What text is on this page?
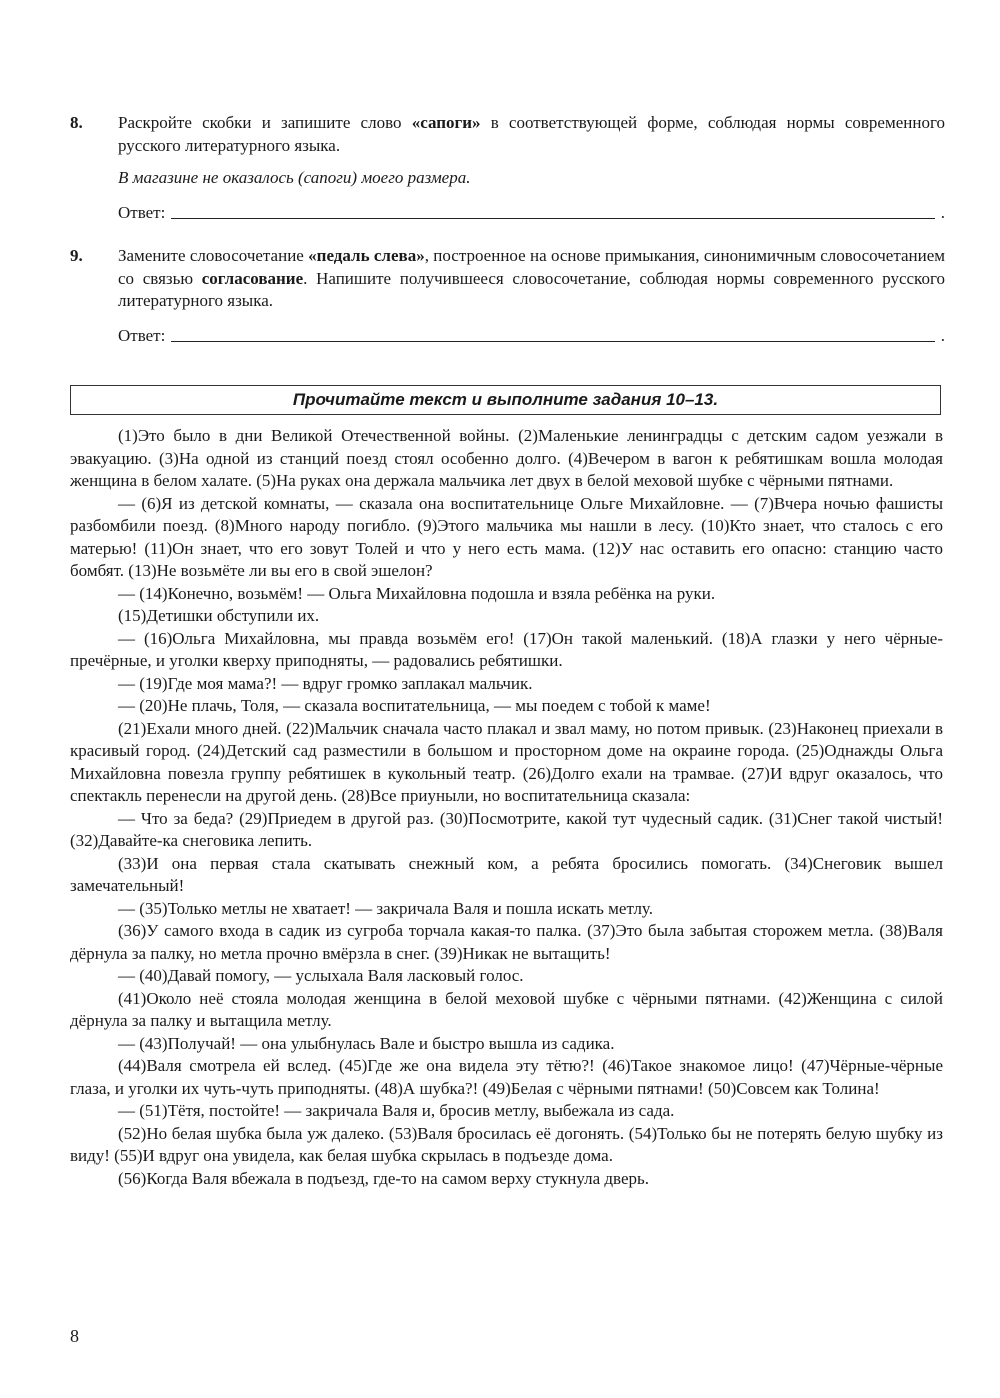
8. Раскройте скобки и запишите слово «сапоги» в соответствующей форме, соблюдая нормы современного русского литературного языка.
В магазине не оказалось (сапоги) моего размера.
Ответ:	.
9. Замените словосочетание «педаль слева», построенное на основе примыкания, синонимичным словосочетанием со связью согласование. Напишите получившееся словосочетание, соблюдая нормы современного русского литературного языка.
Ответ:	.
Прочитайте текст и выполните задания 10–13.

(1)Это было в дни Великой Отечественной войны. (2)Маленькие ленинградцы с детским садом уезжали в эвакуацию. (3)На одной из станций поезд стоял особенно долго. (4)Вечером в вагон к ребятишкам вошла молодая женщина в белом халате. (5)На руках она держала мальчика лет двух в белой меховой шубке с чёрными пятнами.

— (6)Я из детской комнаты, — сказала она воспитательнице Ольге Михайловне. — (7)Вчера ночью фашисты разбомбили поезд. (8)Много народу погибло. (9)Этого мальчика мы нашли в лесу. (10)Кто знает, что сталось с его матерью! (11)Он знает, что его зовут Толей и что у него есть мама. (12)У нас оставить его опасно: станцию часто бомбят. (13)Не возьмёте ли вы его в свой эшелон?

— (14)Конечно, возьмём! — Ольга Михайловна подошла и взяла ребёнка на руки.

(15)Детишки обступили их.

— (16)Ольга Михайловна, мы правда возьмём его! (17)Он такой маленький. (18)А глазки у него чёрные-пречёрные, и уголки кверху приподняты, — радовались ребятишки.

— (19)Где моя мама?! — вдруг громко заплакал мальчик.

— (20)Не плачь, Толя, — сказала воспитательница, — мы поедем с тобой к маме!

(21)Ехали много дней. (22)Мальчик сначала часто плакал и звал маму, но потом привык. (23)Наконец приехали в красивый город. (24)Детский сад разместили в большом и просторном доме на окраине города. (25)Однажды Ольга Михайловна повезла группу ребятишек в кукольный театр. (26)Долго ехали на трамвае. (27)И вдруг оказалось, что спектакль перенесли на другой день. (28)Все приуныли, но воспитательница сказала:

— Что за беда? (29)Приедем в другой раз. (30)Посмотрите, какой тут чудесный садик. (31)Снег такой чистый! (32)Давайте-ка снеговика лепить.

(33)И она первая стала скатывать снежный ком, а ребята бросились помогать. (34)Снеговик вышел замечательный!

— (35)Только метлы не хватает! — закричала Валя и пошла искать метлу.

(36)У самого входа в садик из сугроба торчала какая-то палка. (37)Это была забытая сторожем метла. (38)Валя дёрнула за палку, но метла прочно вмёрзла в снег. (39)Никак не вытащить!

— (40)Давай помогу, — услыхала Валя ласковый голос.

(41)Около неё стояла молодая женщина в белой меховой шубке с чёрными пятнами. (42)Женщина с силой дёрнула за палку и вытащила метлу.

— (43)Получай! — она улыбнулась Вале и быстро вышла из садика.

(44)Валя смотрела ей вслед. (45)Где же она видела эту тётю?! (46)Такое знакомое лицо! (47)Чёрные-чёрные глаза, и уголки их чуть-чуть приподняты. (48)А шубка?! (49)Белая с чёрными пятнами! (50)Совсем как Толина!

— (51)Тётя, постойте! — закричала Валя и, бросив метлу, выбежала из сада.

(52)Но белая шубка была уж далеко. (53)Валя бросилась её догонять. (54)Только бы не потерять белую шубку из виду! (55)И вдруг она увидела, как белая шубка скрылась в подъезде дома.

(56)Когда Валя вбежала в подъезд, где-то на самом верху стукнула дверь.

8
